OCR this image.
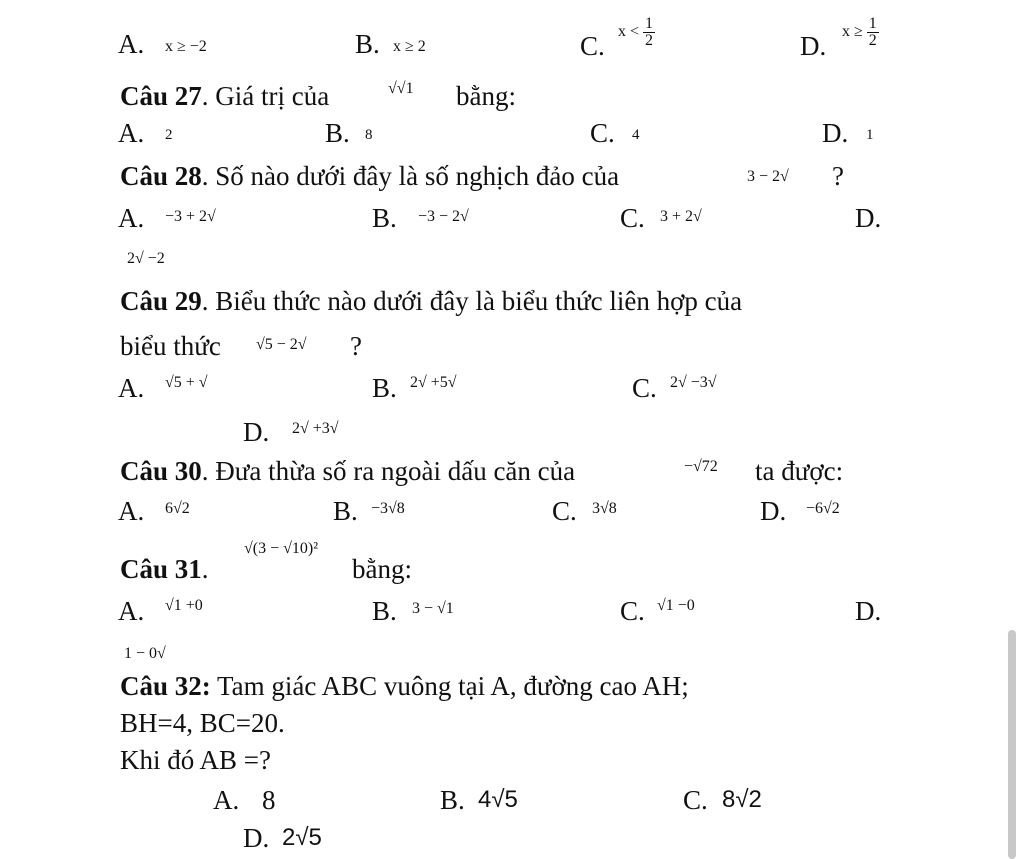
A. x ≥ −2	B. x ≥ 2	C. $x < \frac{1}{2}$	D. $x \ge \frac{1}{2}$
Câu 27. Giá trị của	√√1 bằng:
A. 2	B. 8	C. 4	D. 1
Câu 28. Số nào dưới đây là số nghịch đảo của	3 − 2√ ?
A. −3 + 2√	B. −3 − 2√	C. 3 + 2√	D.
2√ −2
Câu 29. Biểu thức nào dưới đây là biểu thức liên hợp của
biểu thức √5 − 2√ ?
A. √5 + √	B. 2√ +5√	C. 2√ −3√
D. 2√ +3√
Câu 30. Đưa thừa số ra ngoài dấu căn của	−√72 ta được:
A. 6√2	B. −3√8	C. 3√8	D. −6√2
Câu 31.
√(3 − √10)²
bằng:
A. √1 +0	B. 3 − √1	C. √1 −0	D.
1 − 0√
Câu 32: Tam giác ABC vuông tại A, đường cao AH;
BH=4, BC=20.
Khi đó AB =?
A. 8	B. 4√5	C. 8√2
D. 2√5
